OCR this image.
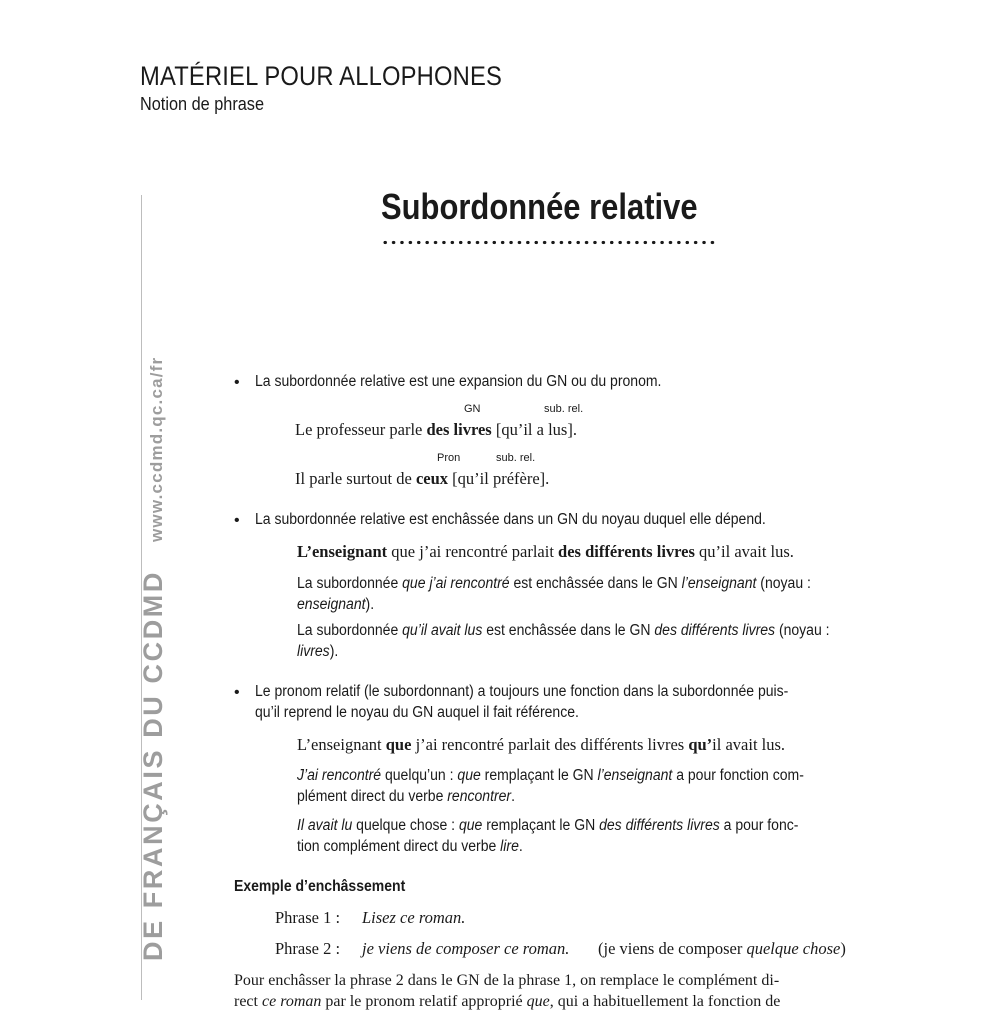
MATÉRIEL POUR ALLOPHONES
Notion de phrase
DE FRANÇAIS DU CCDMDwww.ccdmd.qc.ca/fr
Subordonnée relative
• La subordonnée relative est une expansion du GN ou du pronom.
GN	sub. rel.
Le professeur parle des livres [qu’il a lus].
Pron	sub. rel.
Il parle surtout de ceux [qu’il préfère].
• La subordonnée relative est enchâssée dans un GN du noyau duquel elle dépend.
L’enseignant que j’ai rencontré parlait des différents livres qu’il avait lus.
La subordonnée que j’ai rencontré est enchâssée dans le GN l’enseignant (noyau :
enseignant).
La subordonnée qu’il avait lus est enchâssée dans le GN des différents livres (noyau :
livres).
• Le pronom relatif (le subordonnant) a toujours une fonction dans la subordonnée puis-
qu’il reprend le noyau du GN auquel il fait référence.
L’enseignant que j’ai rencontré parlait des différents livres qu’il avait lus.
J’ai rencontré quelqu’un : que remplaçant le GN l’enseignant a pour fonction com-
plément direct du verbe rencontrer.
Il avait lu quelque chose : que remplaçant le GN des différents livres a pour fonc-
tion complément direct du verbe lire.
Exemple d’enchâssement
Phrase 1 : Lisez ce roman.
Phrase 2 : je viens de composer ce roman. (je viens de composer quelque chose)
Pour enchâsser la phrase 2 dans le GN de la phrase 1, on remplace le complément di-
rect ce roman par le pronom relatif approprié que, qui a habituellement la fonction de
